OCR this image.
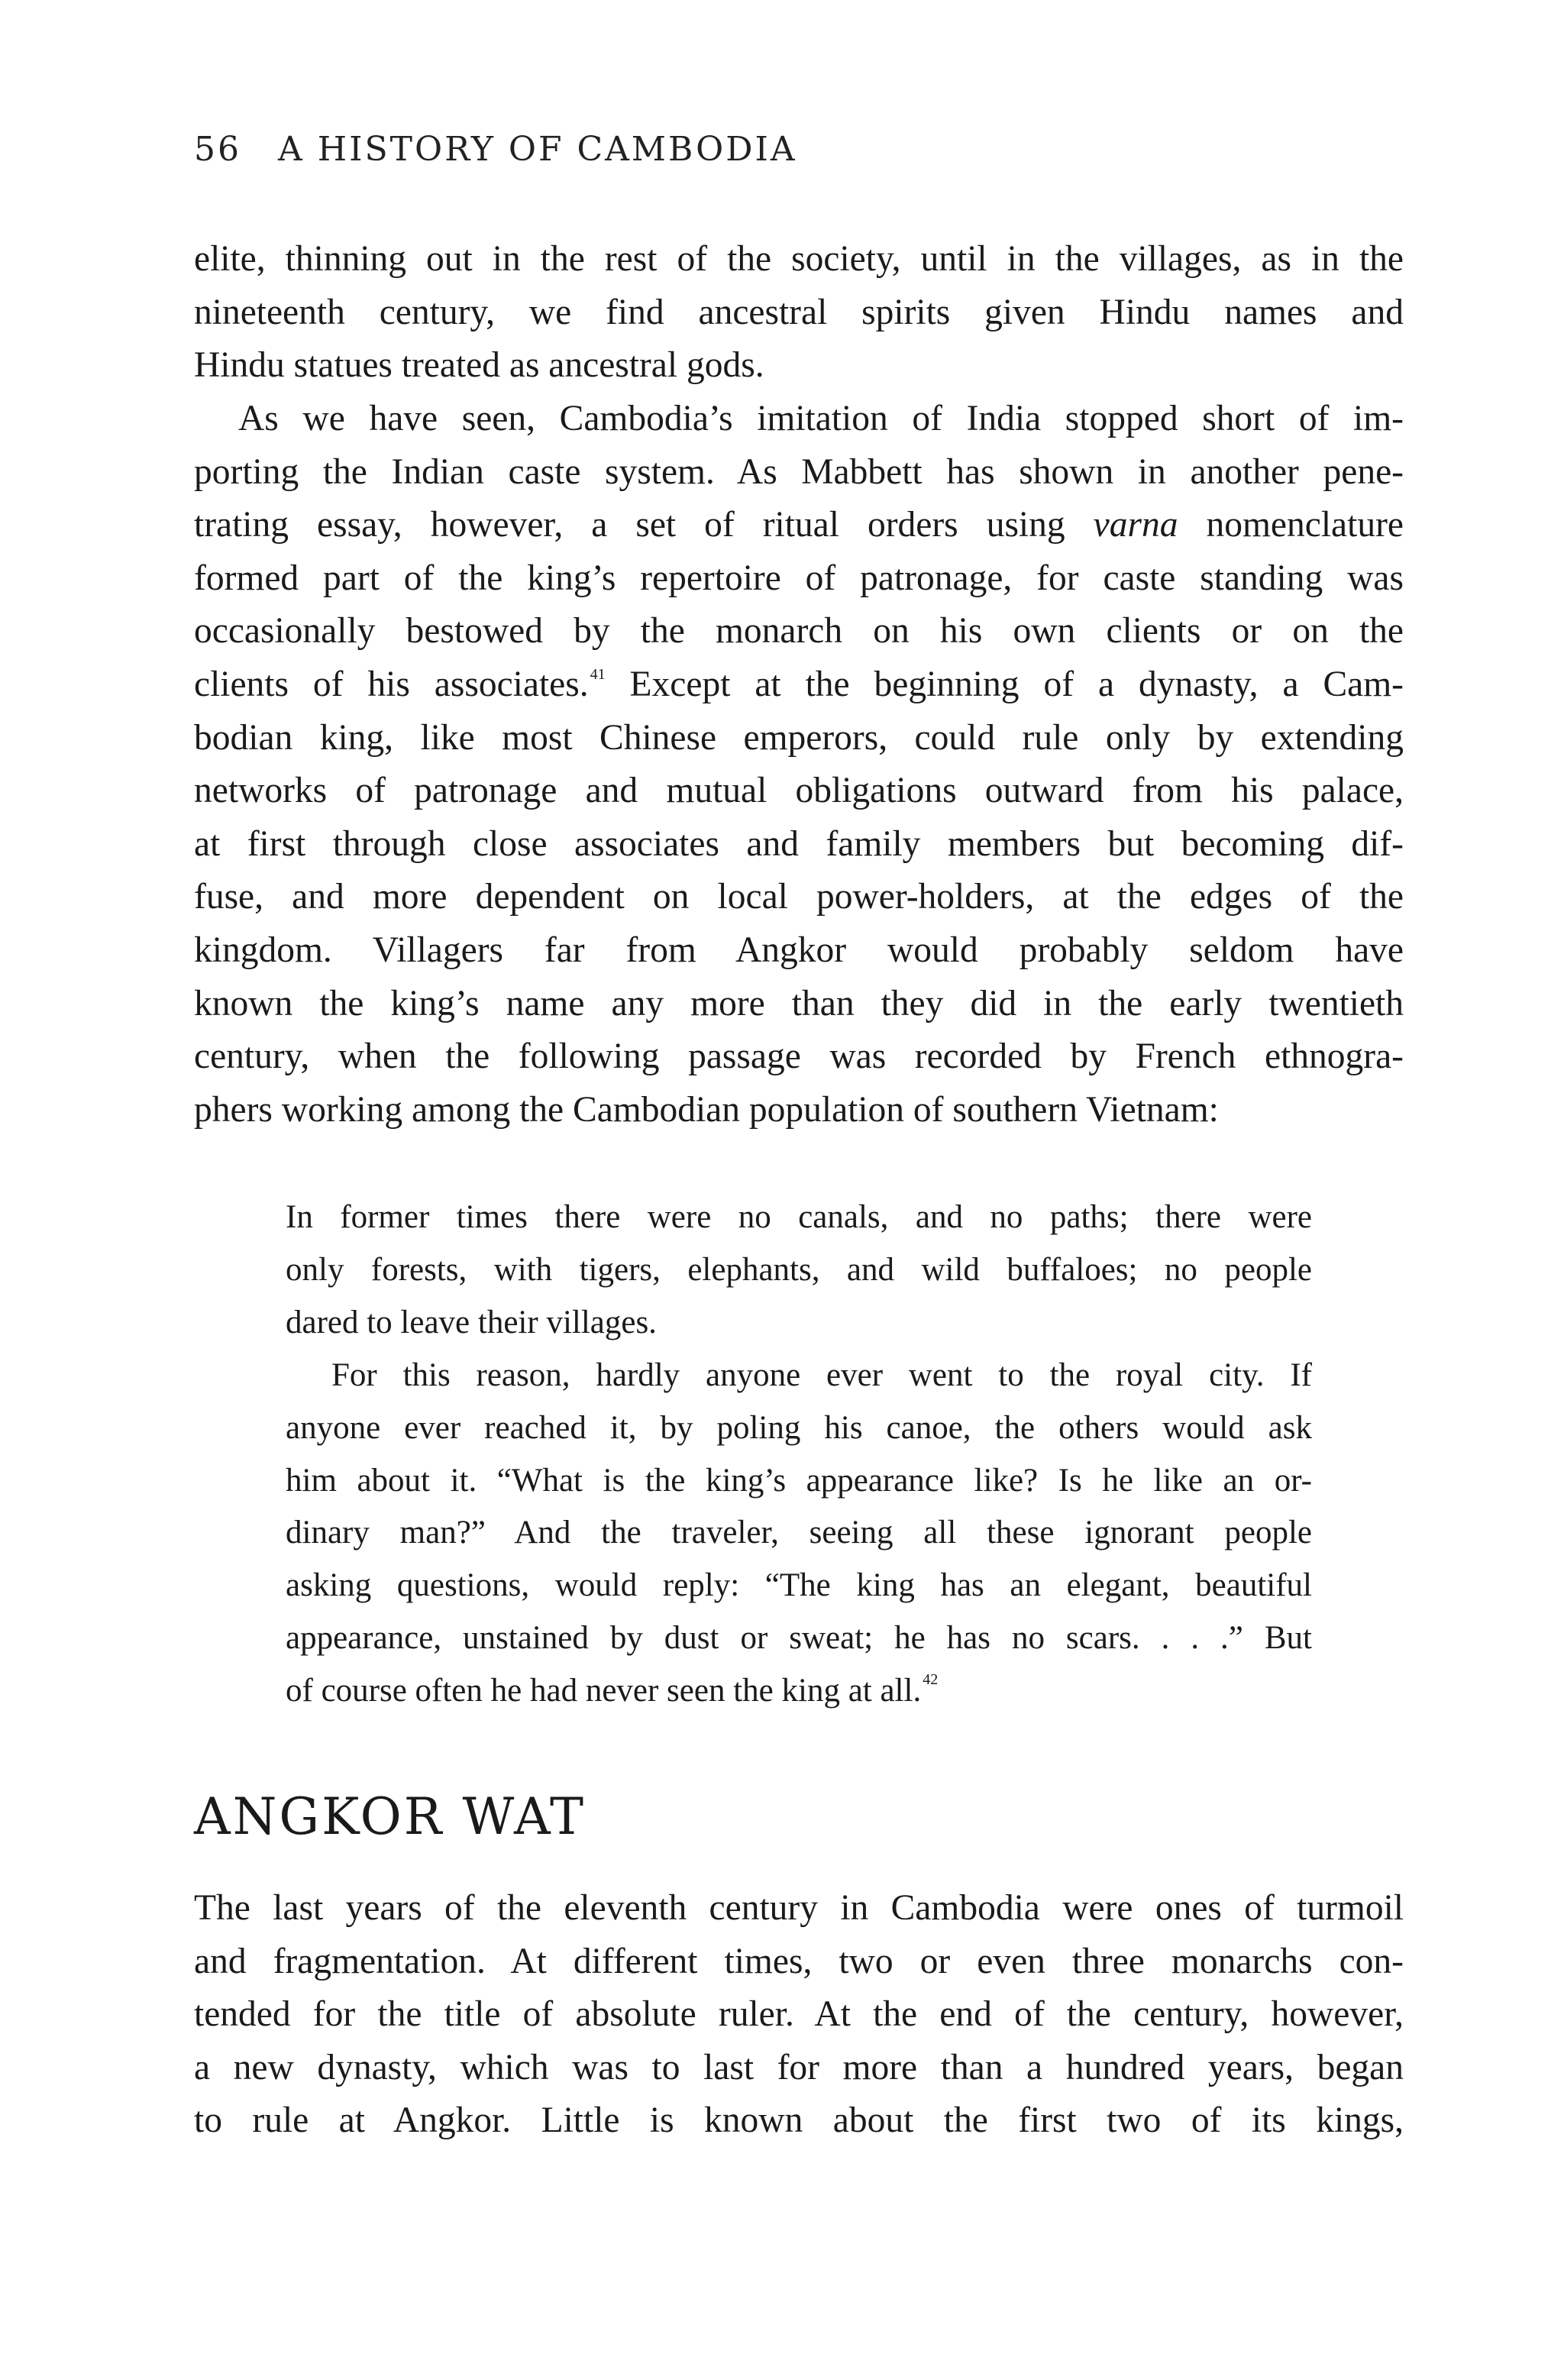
56 A HISTORY OF CAMBODIA

elite, thinning out in the rest of the society, until in the villages, as in the
nineteenth century, we find ancestral spirits given Hindu names and
Hindu statues treated as ancestral gods.

As we have seen, Cambodia’s imitation of India stopped short of im-
porting the Indian caste system. As Mabbett has shown in another pene-
trating essay, however, a set of ritual orders using varna nomenclature
formed part of the king’s repertoire of patronage, for caste standing was
occasionally bestowed by the monarch on his own clients or on the
clients of his associates. $^{41}$ Except at the beginning of a dynasty, a Cam-
bodian king, like most Chinese emperors, could rule only by extending
networks of patronage and mutual obligations outward from his palace,
at first through close associates and family members but becoming dif-
fuse, and more dependent on local power-holders, at the edges of the
kingdom. Villagers far from Angkor would probably seldom have
known the king’s name any more than they did in the early twentieth
century, when the following passage was recorded by French ethnogra-
phers working among the Cambodian population of southern Vietnam:

In former times there were no canals, and no paths; there were
only forests, with tigers, elephants, and wild buffaloes; no people
dared to leave their villages.

For this reason, hardly anyone ever went to the royal city. If
anyone ever reached it, by poling his canoe, the others would ask
him about it. “What is the king’s appearance like? Is he like an or-
dinary man?” And the traveler, seeing all these ignorant people
asking questions, would reply: “The king has an elegant, beautiful
appearance, unstained by dust or sweat; he has no scars. . . .” But
of course often he had never seen the king at all. $^{42}$

ANGKOR WAT

The last years of the eleventh century in Cambodia were ones of turmoil
and fragmentation. At different times, two or even three monarchs con-
tended for the title of absolute ruler. At the end of the century, however,
a new dynasty, which was to last for more than a hundred years, began
to rule at Angkor. Little is known about the first two of its kings,
